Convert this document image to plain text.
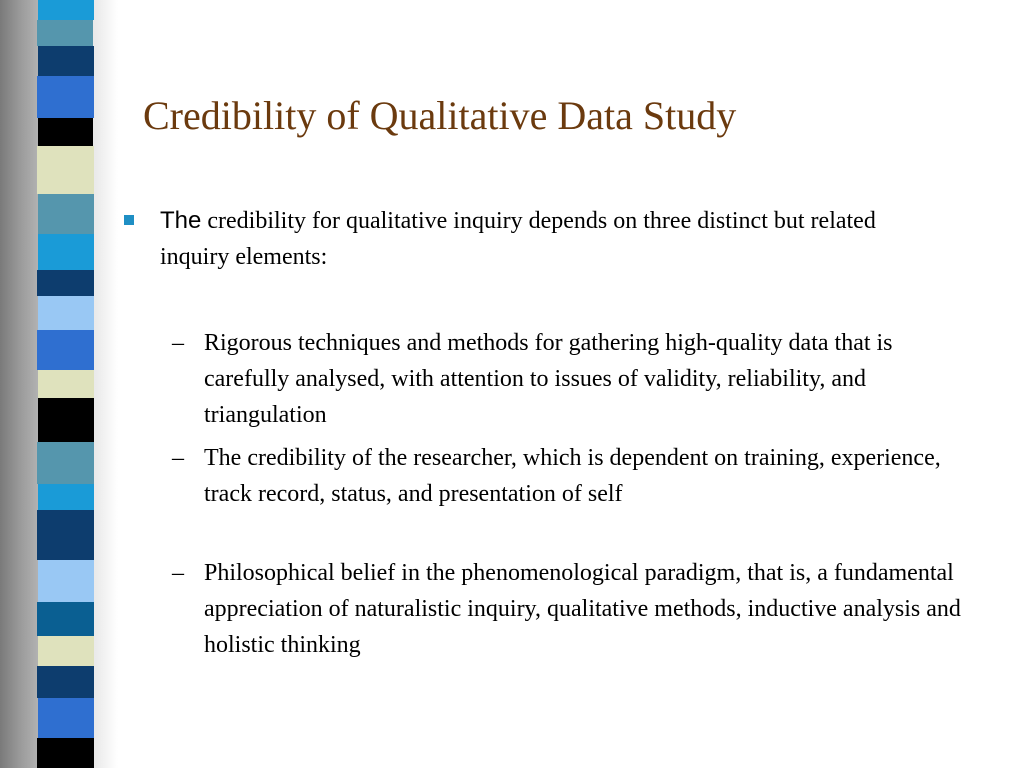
Credibility of Qualitative Data Study
The credibility for qualitative inquiry depends on three distinct but related inquiry elements:
– Rigorous techniques and methods for gathering high-quality data that is carefully analysed, with attention to issues of validity, reliability, and triangulation
– The credibility of the researcher, which is dependent on training, experience, track record, status, and presentation of self
– Philosophical belief in the phenomenological paradigm, that is, a fundamental appreciation of naturalistic inquiry, qualitative methods, inductive analysis and holistic thinking
